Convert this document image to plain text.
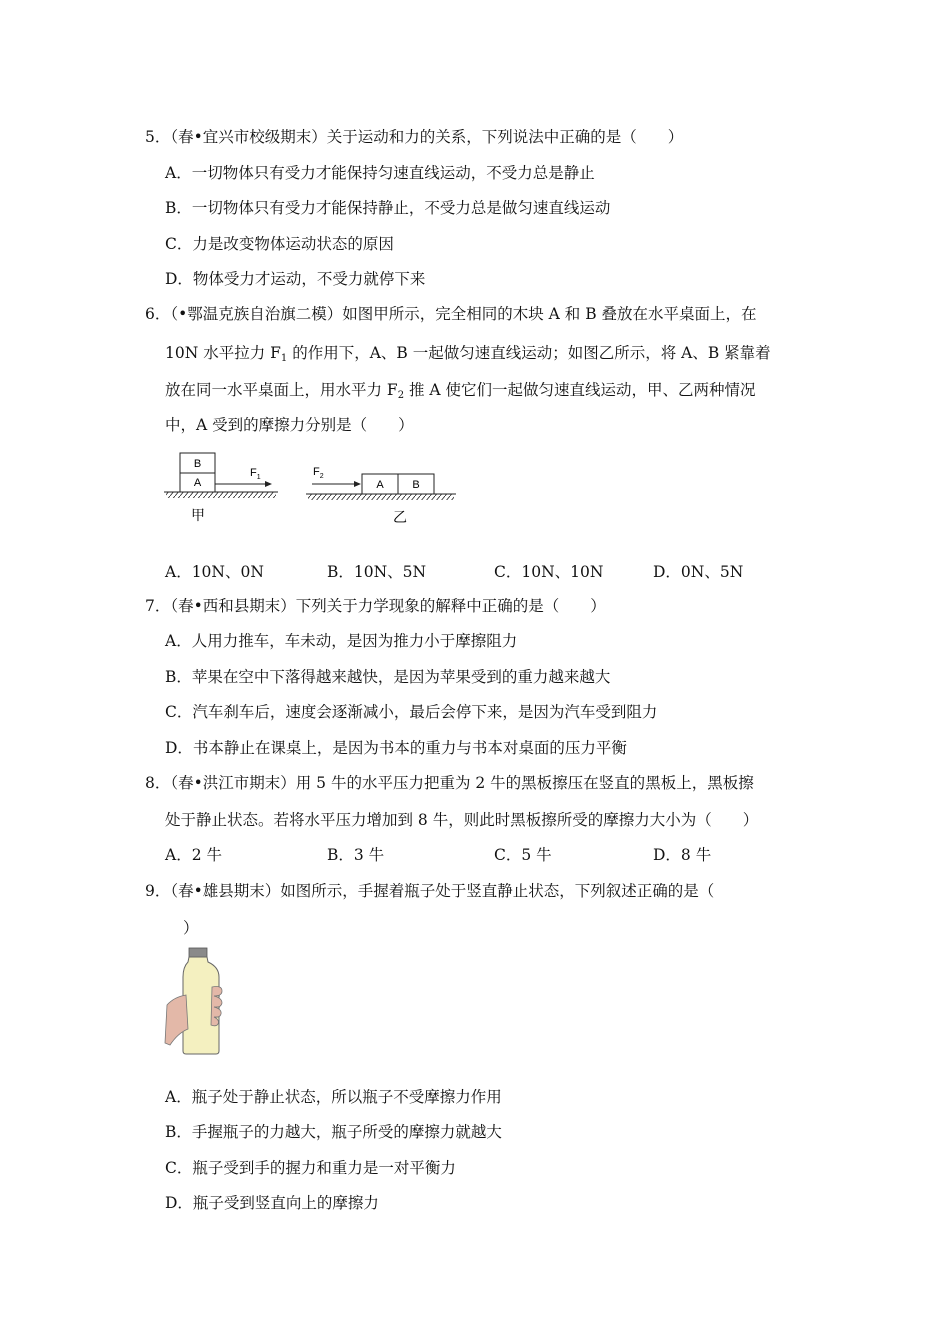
5．（春•宜兴市校级期末）关于运动和力的关系，下列说法中正确的是（　　）
A．一切物体只有受力才能保持匀速直线运动，不受力总是静止
B．一切物体只有受力才能保持静止，不受力总是做匀速直线运动
C．力是改变物体运动状态的原因
D．物体受力才运动，不受力就停下来
6．（•鄂温克族自治旗二模）如图甲所示，完全相同的木块 A 和 B 叠放在水平桌面上，在
10N 水平拉力 $F_1$ 的作用下，A、B 一起做匀速直线运动；如图乙所示，将 A、B 紧靠着
放在同一水平桌面上，用水平力 $F_2$ 推 A 使它们一起做匀速直线运动，甲、乙两种情况
中，A 受到的摩擦力分别是（　　）
B
A
$F_1$
甲
A	B
$F_2$
乙
A．10N、0N	B．10N、5N	C．10N、10N	D．0N、5N
7．（春•西和县期末）下列关于力学现象的解释中正确的是（　　）
A．人用力推车，车未动，是因为推力小于摩擦阻力
B．苹果在空中下落得越来越快，是因为苹果受到的重力越来越大
C．汽车刹车后，速度会逐渐减小，最后会停下来，是因为汽车受到阻力
D．书本静止在课桌上，是因为书本的重力与书本对桌面的压力平衡
8．（春•洪江市期末）用 5 牛的水平压力把重为 2 牛的黑板擦压在竖直的黑板上，黑板擦
处于静止状态。若将水平压力增加到 8 牛，则此时黑板擦所受的摩擦力大小为（　　）
A．2 牛	B．3 牛	C．5 牛	D．8 牛
9．（春•雄县期末）如图所示，手握着瓶子处于竖直静止状态，下列叙述正确的是（
）
A．瓶子处于静止状态，所以瓶子不受摩擦力作用
B．手握瓶子的力越大，瓶子所受的摩擦力就越大
C．瓶子受到手的握力和重力是一对平衡力
D．瓶子受到竖直向上的摩擦力
